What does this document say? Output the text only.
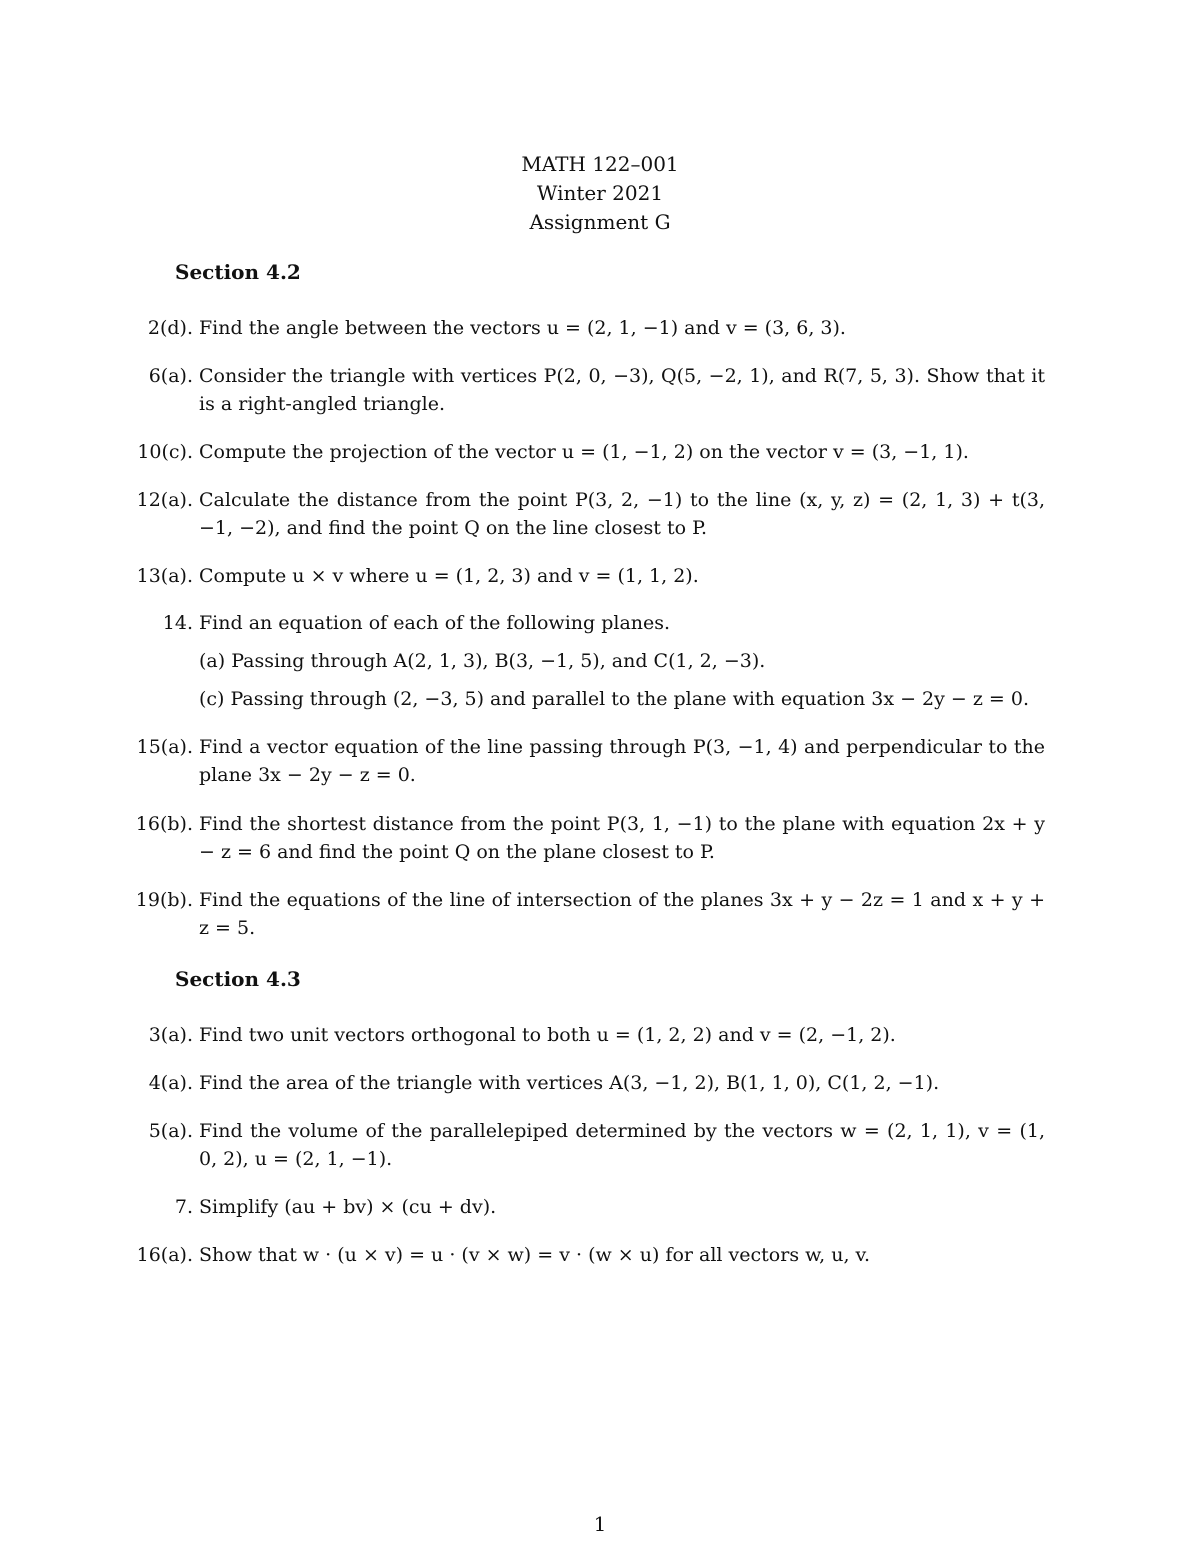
MATH 122–001
Winter 2021
Assignment G
Section 4.2
2(d). Find the angle between the vectors u = (2, 1, −1) and v = (3, 6, 3).
6(a). Consider the triangle with vertices P(2, 0, −3), Q(5, −2, 1), and R(7, 5, 3). Show that it is a right-angled triangle.
10(c). Compute the projection of the vector u = (1, −1, 2) on the vector v = (3, −1, 1).
12(a). Calculate the distance from the point P(3, 2, −1) to the line (x, y, z) = (2, 1, 3) + t(3, −1, −2), and find the point Q on the line closest to P.
13(a). Compute u × v where u = (1, 2, 3) and v = (1, 1, 2).
14. Find an equation of each of the following planes.
(a) Passing through A(2, 1, 3), B(3, −1, 5), and C(1, 2, −3).
(c) Passing through (2, −3, 5) and parallel to the plane with equation 3x − 2y − z = 0.
15(a). Find a vector equation of the line passing through P(3, −1, 4) and perpendicular to the plane 3x − 2y − z = 0.
16(b). Find the shortest distance from the point P(3, 1, −1) to the plane with equation 2x + y − z = 6 and find the point Q on the plane closest to P.
19(b). Find the equations of the line of intersection of the planes 3x + y − 2z = 1 and x + y + z = 5.
Section 4.3
3(a). Find two unit vectors orthogonal to both u = (1, 2, 2) and v = (2, −1, 2).
4(a). Find the area of the triangle with vertices A(3, −1, 2), B(1, 1, 0), C(1, 2, −1).
5(a). Find the volume of the parallelepiped determined by the vectors w = (2, 1, 1), v = (1, 0, 2), u = (2, 1, −1).
7. Simplify (au + bv) × (cu + dv).
16(a). Show that w · (u × v) = u · (v × w) = v · (w × u) for all vectors w, u, v.
1
